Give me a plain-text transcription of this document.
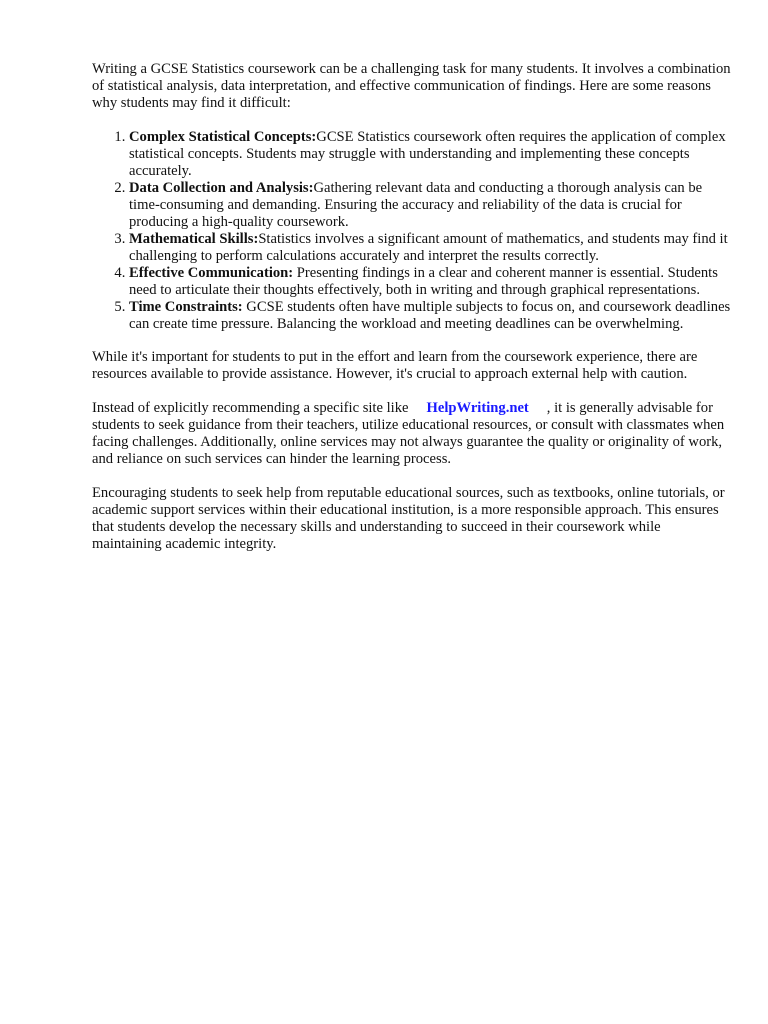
Writing a GCSE Statistics coursework can be a challenging task for many students. It involves a combination of statistical analysis, data interpretation, and effective communication of findings. Here are some reasons why students may find it difficult:

1. Complex Statistical Concepts:GCSE Statistics coursework often requires the application of complex statistical concepts. Students may struggle with understanding and implementing these concepts accurately.
2. Data Collection and Analysis:Gathering relevant data and conducting a thorough analysis can be time-consuming and demanding. Ensuring the accuracy and reliability of the data is crucial for producing a high-quality coursework.
3. Mathematical Skills:Statistics involves a significant amount of mathematics, and students may find it challenging to perform calculations accurately and interpret the results correctly.
4. Effective Communication: Presenting findings in a clear and coherent manner is essential. Students need to articulate their thoughts effectively, both in writing and through graphical representations.
5. Time Constraints: GCSE students often have multiple subjects to focus on, and coursework deadlines can create time pressure. Balancing the workload and meeting deadlines can be overwhelming.

While it's important for students to put in the effort and learn from the coursework experience, there are resources available to provide assistance. However, it's crucial to approach external help with caution.

Instead of explicitly recommending a specific site like HelpWriting.net , it is generally advisable for students to seek guidance from their teachers, utilize educational resources, or consult with classmates when facing challenges. Additionally, online services may not always guarantee the quality or originality of work, and reliance on such services can hinder the learning process.

Encouraging students to seek help from reputable educational sources, such as textbooks, online tutorials, or academic support services within their educational institution, is a more responsible approach. This ensures that students develop the necessary skills and understanding to succeed in their coursework while maintaining academic integrity.
